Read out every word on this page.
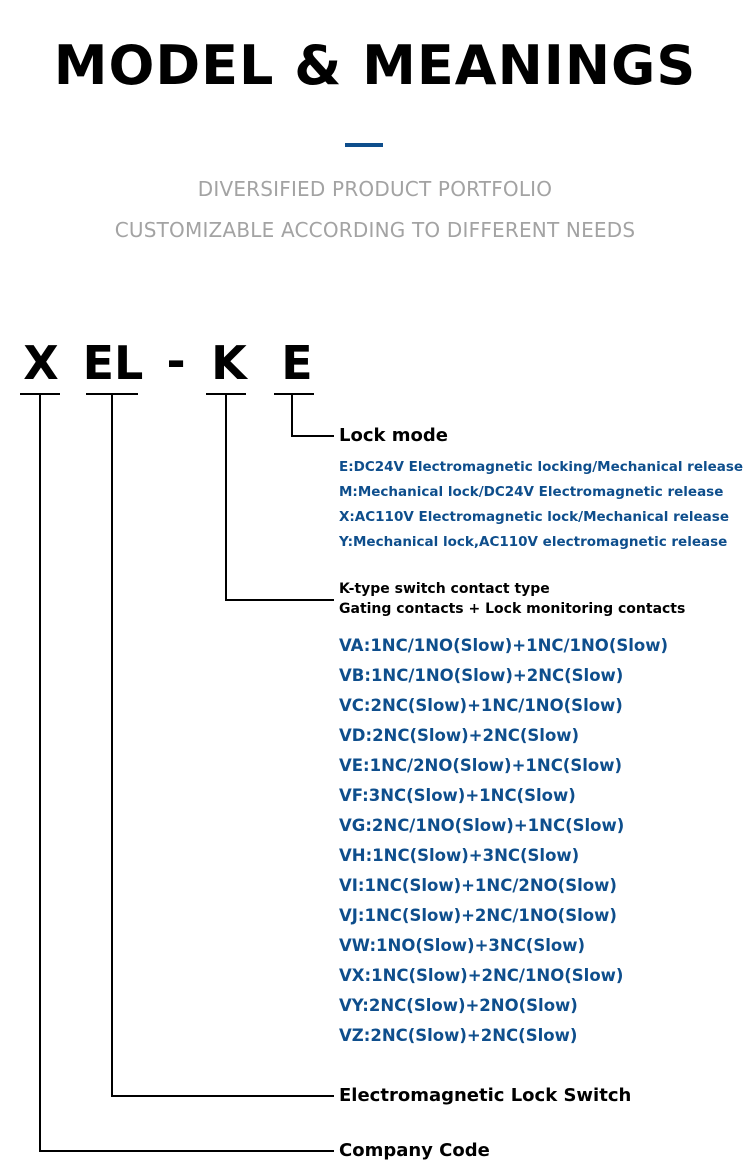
MODEL & MEANINGS
DIVERSIFIED PRODUCT PORTFOLIO
CUSTOMIZABLE ACCORDING TO DIFFERENT NEEDS
X EL - K E
Lock mode
E:DC24V Electromagnetic locking/Mechanical release
M:Mechanical lock/DC24V Electromagnetic release
X:AC110V Electromagnetic lock/Mechanical release
Y:Mechanical lock,AC110V electromagnetic release
K-type switch contact type
Gating contacts + Lock monitoring contacts
VA:1NC/1NO(Slow)+1NC/1NO(Slow)
VB:1NC/1NO(Slow)+2NC(Slow)
VC:2NC(Slow)+1NC/1NO(Slow)
VD:2NC(Slow)+2NC(Slow)
VE:1NC/2NO(Slow)+1NC(Slow)
VF:3NC(Slow)+1NC(Slow)
VG:2NC/1NO(Slow)+1NC(Slow)
VH:1NC(Slow)+3NC(Slow)
VI:1NC(Slow)+1NC/2NO(Slow)
VJ:1NC(Slow)+2NC/1NO(Slow)
VW:1NO(Slow)+3NC(Slow)
VX:1NC(Slow)+2NC/1NO(Slow)
VY:2NC(Slow)+2NO(Slow)
VZ:2NC(Slow)+2NC(Slow)
Electromagnetic Lock Switch
Company Code
